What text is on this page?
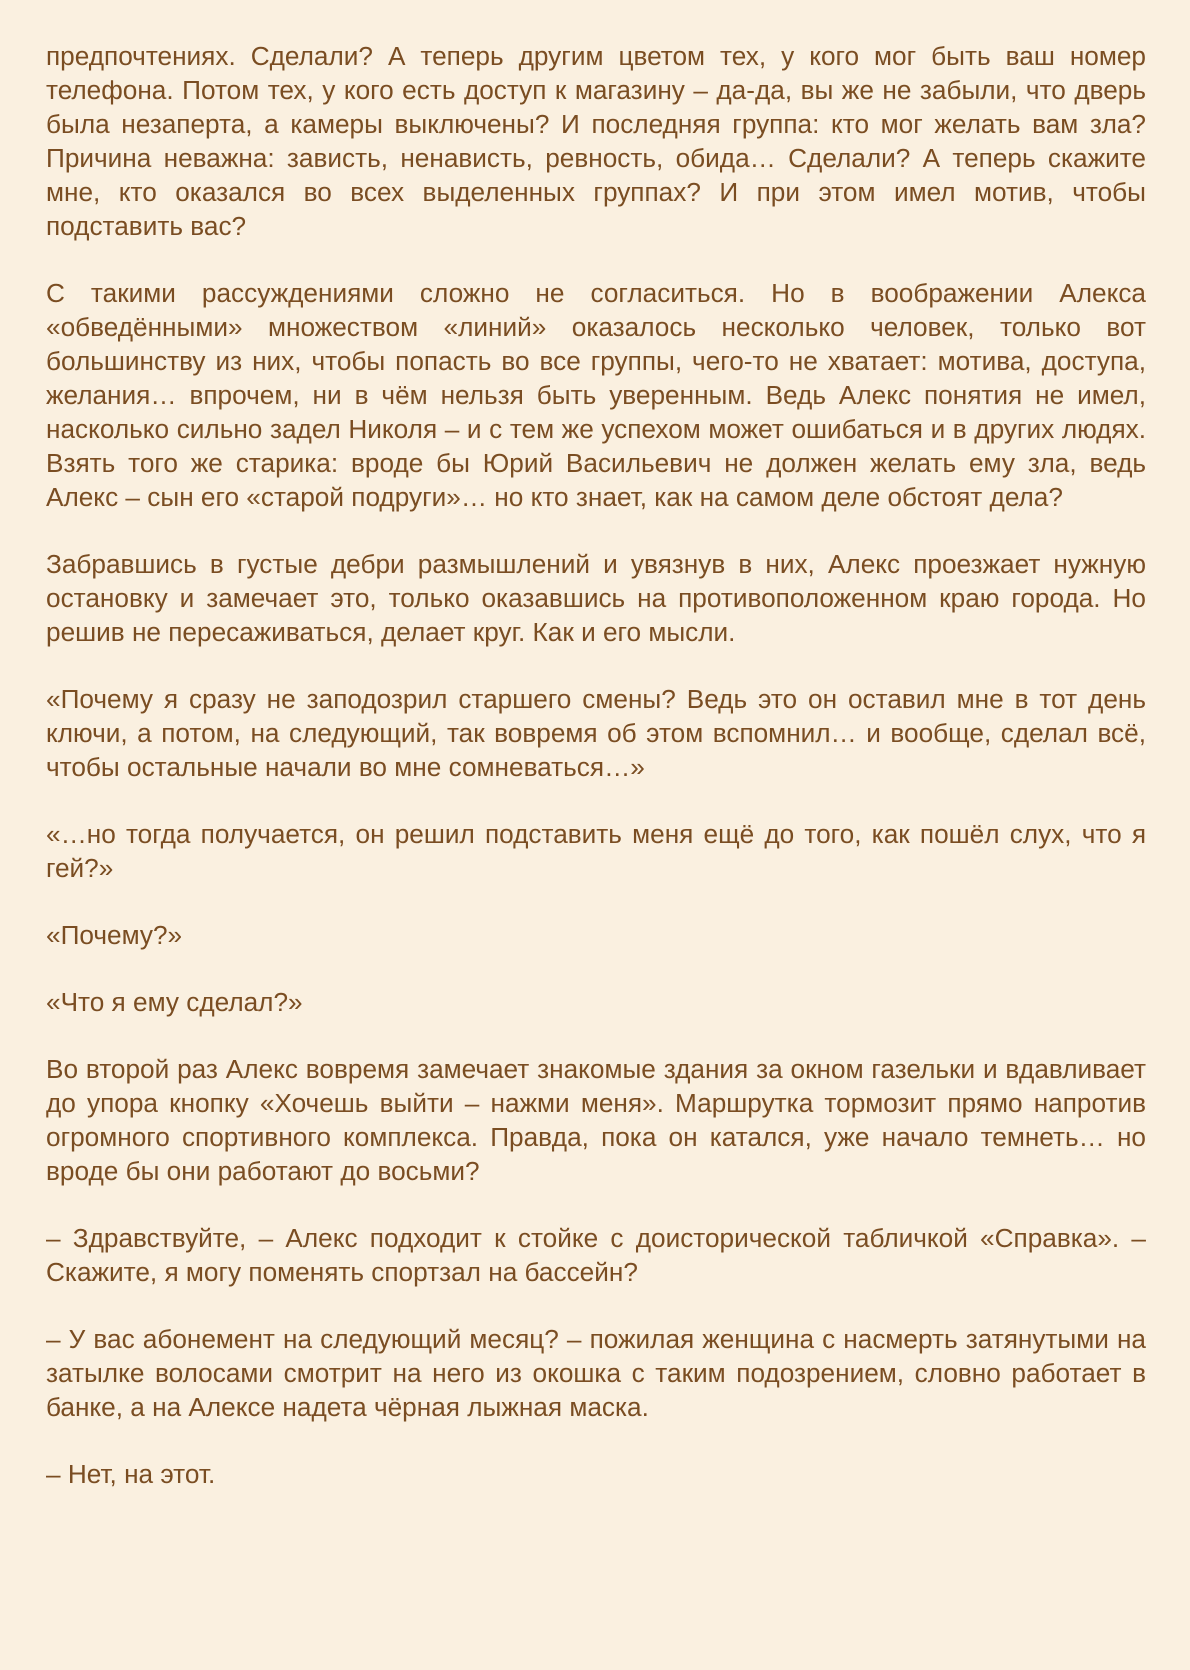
предпочтениях. Сделали? А теперь другим цветом тех, у кого мог быть ваш номер телефона. Потом тех, у кого есть доступ к магазину – да-да, вы же не забыли, что дверь была незаперта, а камеры выключены? И последняя группа: кто мог желать вам зла? Причина неважна: зависть, ненависть, ревность, обида… Сделали? А теперь скажите мне, кто оказался во всех выделенных группах? И при этом имел мотив, чтобы подставить вас?

С такими рассуждениями сложно не согласиться. Но в воображении Алекса «обведёнными» множеством «линий» оказалось несколько человек, только вот большинству из них, чтобы попасть во все группы, чего-то не хватает: мотива, доступа, желания… впрочем, ни в чём нельзя быть уверенным. Ведь Алекс понятия не имел, насколько сильно задел Николя – и с тем же успехом может ошибаться и в других людях. Взять того же старика: вроде бы Юрий Васильевич не должен желать ему зла, ведь Алекс – сын его «старой подруги»… но кто знает, как на самом деле обстоят дела?

Забравшись в густые дебри размышлений и увязнув в них, Алекс проезжает нужную остановку и замечает это, только оказавшись на противоположенном краю города. Но решив не пересаживаться, делает круг. Как и его мысли.

«Почему я сразу не заподозрил старшего смены? Ведь это он оставил мне в тот день ключи, а потом, на следующий, так вовремя об этом вспомнил… и вообще, сделал всё, чтобы остальные начали во мне сомневаться…»

«…но тогда получается, он решил подставить меня ещё до того, как пошёл слух, что я гей?»

«Почему?»

«Что я ему сделал?»

Во второй раз Алекс вовремя замечает знакомые здания за окном газельки и вдавливает до упора кнопку «Хочешь выйти – нажми меня». Маршрутка тормозит прямо напротив огромного спортивного комплекса. Правда, пока он катался, уже начало темнеть… но вроде бы они работают до восьми?

– Здравствуйте, – Алекс подходит к стойке с доисторической табличкой «Справка». – Скажите, я могу поменять спортзал на бассейн?

– У вас абонемент на следующий месяц? – пожилая женщина с насмерть затянутыми на затылке волосами смотрит на него из окошка с таким подозрением, словно работает в банке, а на Алексе надета чёрная лыжная маска.

– Нет, на этот.
